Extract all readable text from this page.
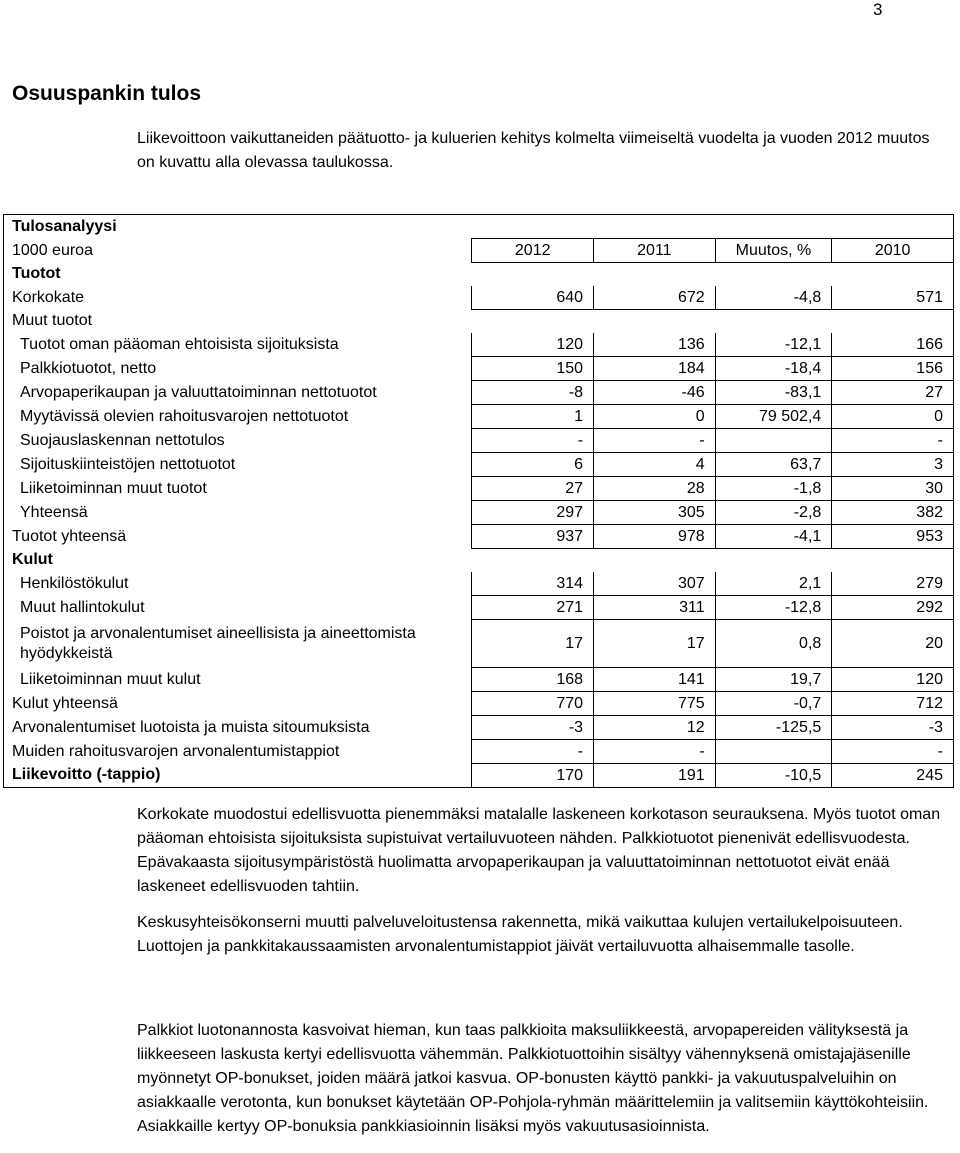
3
Osuuspankin tulos

Liikevoittoon vaikuttaneiden päätuotto- ja kuluerien kehitys kolmelta viimeiseltä vuodelta ja vuoden 2012 muutos on kuvattu alla olevassa taulukossa.

Tulosanalyysi				
1000 euroa	2012	2011	Muutos, %	2010
Tuotot				
Korkokate	640	672	-4,8	571
Muut tuotot				
Tuotot oman pääoman ehtoisista sijoituksista	120	136	-12,1	166
Palkkiotuotot, netto	150	184	-18,4	156
Arvopaperikaupan ja valuuttatoiminnan nettotuotot	-8	-46	-83,1	27
Myytävissä olevien rahoitusvarojen nettotuotot	1	0	79 502,4	0
Suojauslaskennan nettotulos	-	-		-
Sijoituskiinteistöjen nettotuotot	6	4	63,7	3
Liiketoiminnan muut tuotot	27	28	-1,8	30
Yhteensä	297	305	-2,8	382
Tuotot yhteensä	937	978	-4,1	953
Kulut				
Henkilöstökulut	314	307	2,1	279
Muut hallintokulut	271	311	-12,8	292
Poistot ja arvonalentumiset aineellisista ja aineettomista hyödykkeistä	17	17	0,8	20
Liiketoiminnan muut kulut	168	141	19,7	120
Kulut yhteensä	770	775	-0,7	712
Arvonalentumiset luotoista ja muista sitoumuksista	-3	12	-125,5	-3
Muiden rahoitusvarojen arvonalentumistappiot	-	-		-
Liikevoitto (-tappio)	170	191	-10,5	245

Korkokate muodostui edellisvuotta pienemmäksi matalalle laskeneen korkotason seurauksena. Myös tuotot oman pääoman ehtoisista sijoituksista supistuivat vertailuvuoteen nähden. Palkkiotuotot pienenivät edellisvuodesta. Epävakaasta sijoitusympäristöstä huolimatta arvopaperikaupan ja valuuttatoiminnan nettotuotot eivät enää laskeneet edellisvuoden tahtiin.

Keskusyhteisökonserni muutti palveluveloitustensa rakennetta, mikä vaikuttaa kulujen vertailukelpoisuuteen. Luottojen ja pankkitakaussaamisten arvonalentumistappiot jäivät vertailuvuotta alhaisemmalle tasolle.

Palkkiot luotonannosta kasvoivat hieman, kun taas palkkioita maksuliikkeestä, arvopapereiden välityksestä ja liikkeeseen laskusta kertyi edellisvuotta vähemmän. Palkkiotuottoihin sisältyy vähennyksenä omistajajäsenille myönnetyt OP-bonukset, joiden määrä jatkoi kasvua. OP-bonusten käyttö pankki- ja vakuutuspalveluihin on asiakkaalle verotonta, kun bonukset käytetään OP-Pohjola-ryhmän määrittelemiin ja valitsemiin käyttökohteisiin. Asiakkaille kertyy OP-bonuksia pankkiasioinnin lisäksi myös vakuutusasioinnista.
